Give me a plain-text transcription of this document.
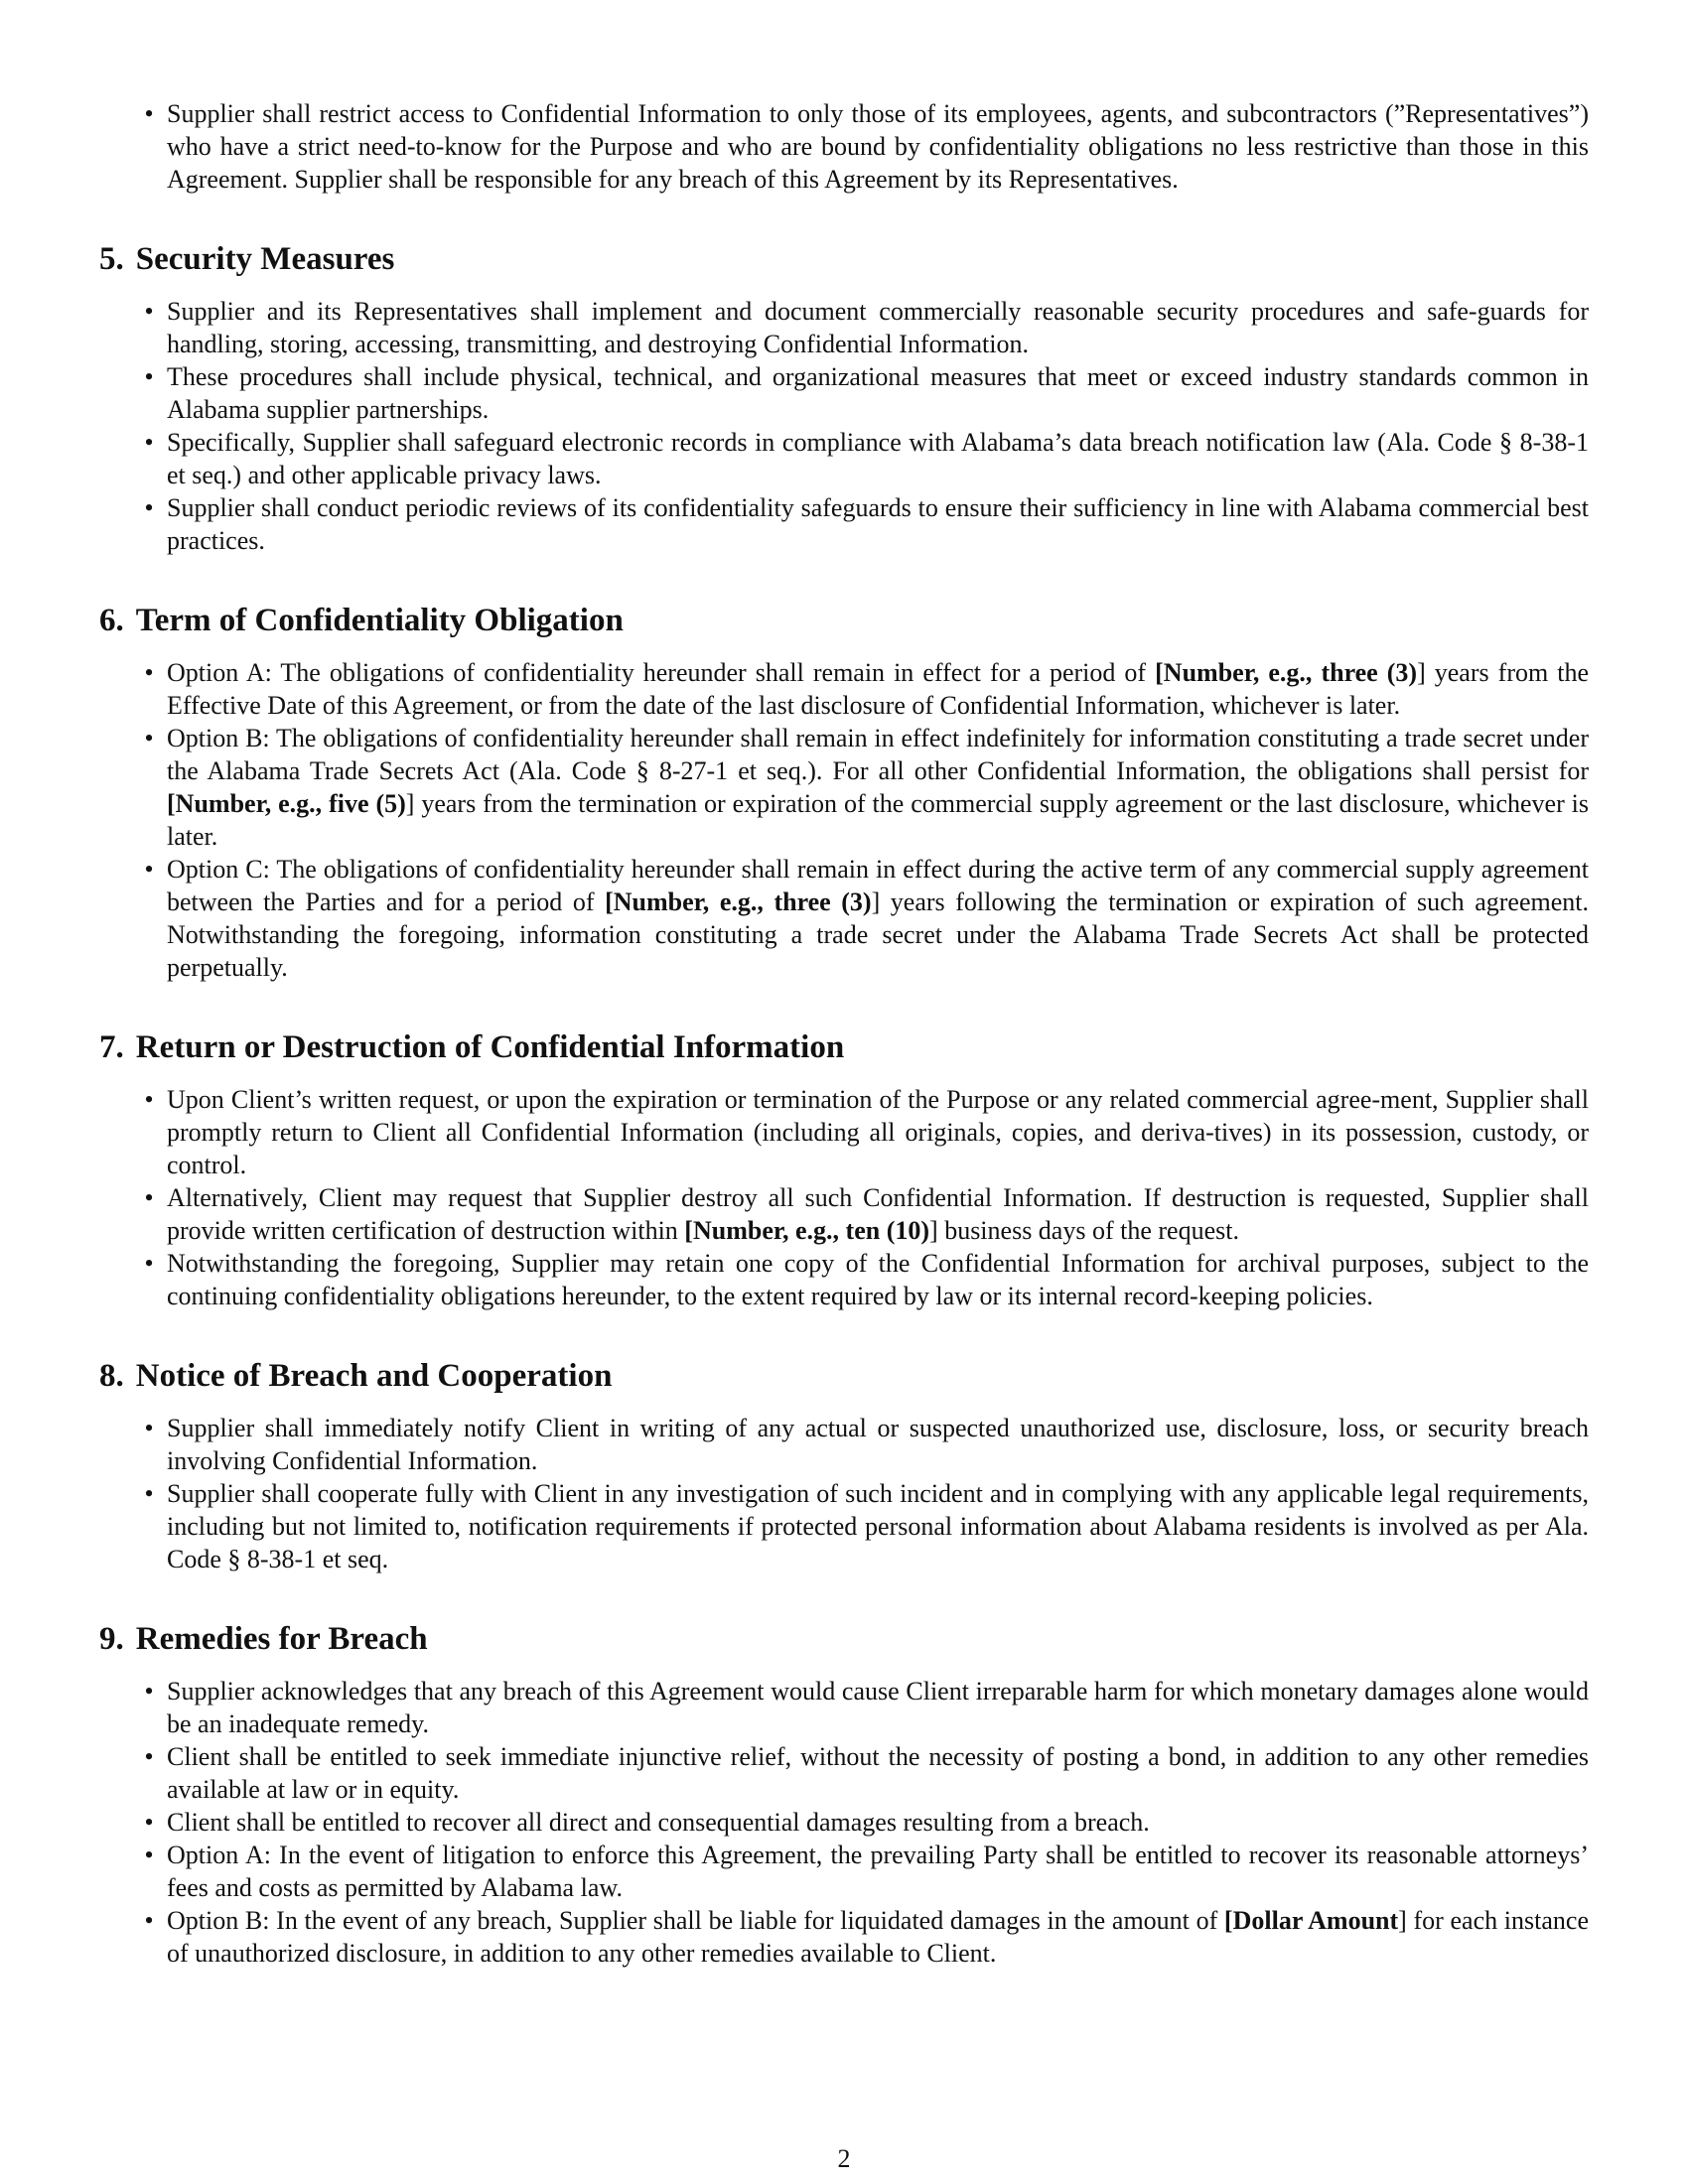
•
Supplier shall restrict access to Confidential Information to only those of its employees, agents, and subcontractors (”Representatives”) who have a strict need-to-know for the Purpose and who are bound by confidentiality obligations no less restrictive than those in this Agreement. Supplier shall be responsible for any breach of this Agreement by its Representatives.
5. Security Measures
•
Supplier and its Representatives shall implement and document commercially reasonable security procedures and safe-guards for handling, storing, accessing, transmitting, and destroying Confidential Information.
•
These procedures shall include physical, technical, and organizational measures that meet or exceed industry standards common in Alabama supplier partnerships.
•
Specifically, Supplier shall safeguard electronic records in compliance with Alabama’s data breach notification law (Ala. Code § 8-38-1 et seq.) and other applicable privacy laws.
•
Supplier shall conduct periodic reviews of its confidentiality safeguards to ensure their sufficiency in line with Alabama commercial best practices.
6. Term of Confidentiality Obligation
•
Option A: The obligations of confidentiality hereunder shall remain in effect for a period of [Number, e.g., three (3)] years from the Effective Date of this Agreement, or from the date of the last disclosure of Confidential Information, whichever is later.
•
Option B: The obligations of confidentiality hereunder shall remain in effect indefinitely for information constituting a trade secret under the Alabama Trade Secrets Act (Ala. Code § 8-27-1 et seq.). For all other Confidential Information, the obligations shall persist for [Number, e.g., five (5)] years from the termination or expiration of the commercial supply agreement or the last disclosure, whichever is later.
•
Option C: The obligations of confidentiality hereunder shall remain in effect during the active term of any commercial supply agreement between the Parties and for a period of [Number, e.g., three (3)] years following the termination or expiration of such agreement. Notwithstanding the foregoing, information constituting a trade secret under the Alabama Trade Secrets Act shall be protected perpetually.
7. Return or Destruction of Confidential Information
•
Upon Client’s written request, or upon the expiration or termination of the Purpose or any related commercial agree-ment, Supplier shall promptly return to Client all Confidential Information (including all originals, copies, and deriva-tives) in its possession, custody, or control.
•
Alternatively, Client may request that Supplier destroy all such Confidential Information. If destruction is requested, Supplier shall provide written certification of destruction within [Number, e.g., ten (10)] business days of the request.
•
Notwithstanding the foregoing, Supplier may retain one copy of the Confidential Information for archival purposes, subject to the continuing confidentiality obligations hereunder, to the extent required by law or its internal record-keeping policies.
8. Notice of Breach and Cooperation
•
Supplier shall immediately notify Client in writing of any actual or suspected unauthorized use, disclosure, loss, or security breach involving Confidential Information.
•
Supplier shall cooperate fully with Client in any investigation of such incident and in complying with any applicable legal requirements, including but not limited to, notification requirements if protected personal information about Alabama residents is involved as per Ala. Code § 8-38-1 et seq.
9. Remedies for Breach
•
Supplier acknowledges that any breach of this Agreement would cause Client irreparable harm for which monetary damages alone would be an inadequate remedy.
•
Client shall be entitled to seek immediate injunctive relief, without the necessity of posting a bond, in addition to any other remedies available at law or in equity.
•
Client shall be entitled to recover all direct and consequential damages resulting from a breach.
•
Option A: In the event of litigation to enforce this Agreement, the prevailing Party shall be entitled to recover its reasonable attorneys’ fees and costs as permitted by Alabama law.
•
Option B: In the event of any breach, Supplier shall be liable for liquidated damages in the amount of [Dollar Amount] for each instance of unauthorized disclosure, in addition to any other remedies available to Client.
2
